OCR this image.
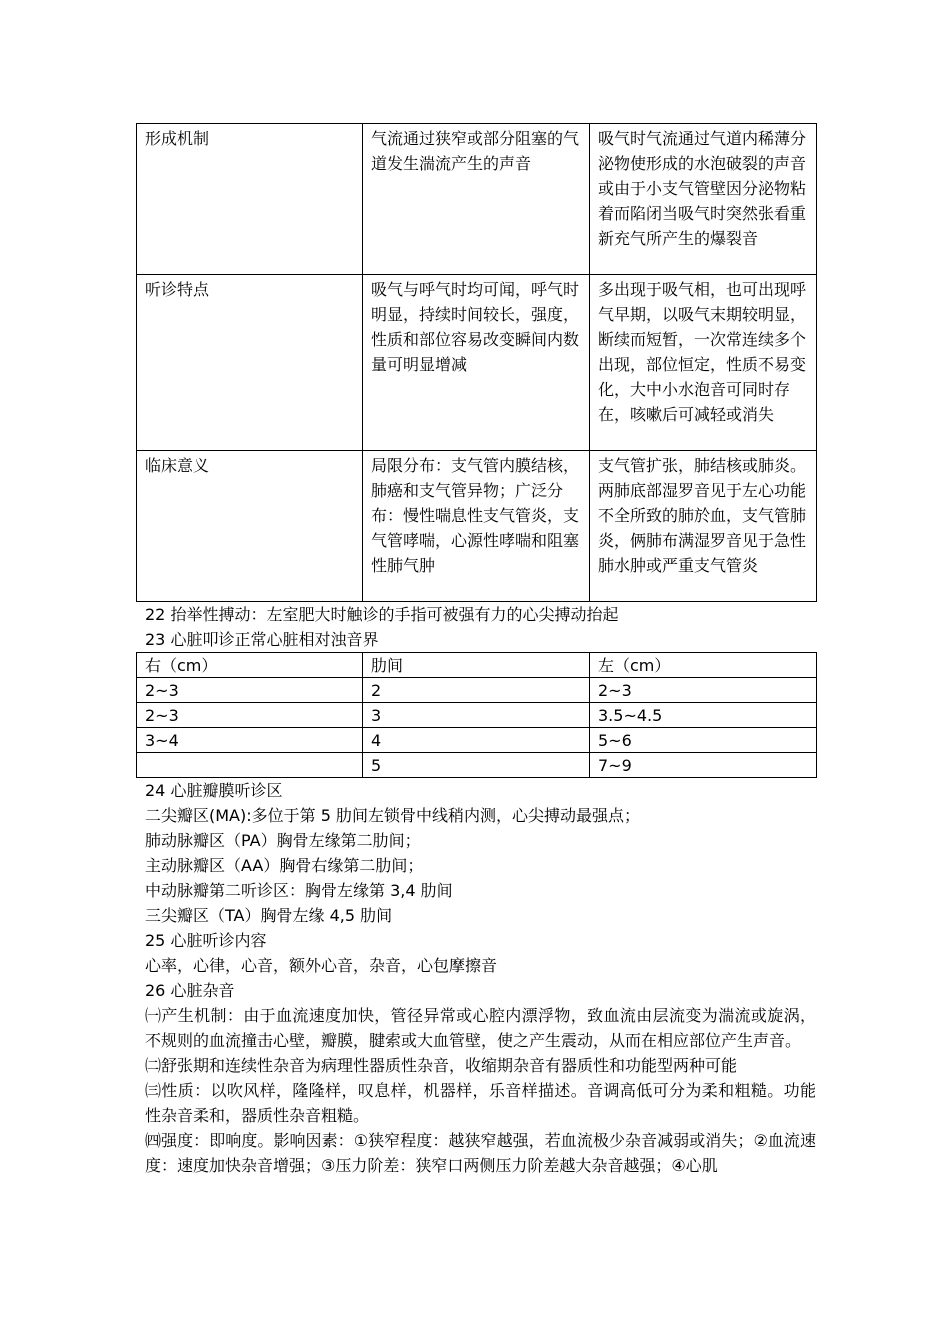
形成机制	气流通过狭窄或部分阻塞的气道发生湍流产生的声音	吸气时气流通过气道内稀薄分泌物使形成的水泡破裂的声音或由于小支气管壁因分泌物粘着而陷闭当吸气时突然张看重新充气所产生的爆裂音
听诊特点	吸气与呼气时均可闻，呼气时明显，持续时间较长，强度，性质和部位容易改变瞬间内数量可明显增减	多出现于吸气相，也可出现呼气早期，以吸气末期较明显，断续而短暂，一次常连续多个出现，部位恒定，性质不易变化，大中小水泡音可同时存在，咳嗽后可减轻或消失
临床意义	局限分布：支气管内膜结核，肺癌和支气管异物；广泛分布：慢性喘息性支气管炎，支气管哮喘，心源性哮喘和阻塞性肺气肿	支气管扩张，肺结核或肺炎。两肺底部湿罗音见于左心功能不全所致的肺於血，支气管肺炎，俩肺布满湿罗音见于急性肺水肿或严重支气管炎

22 抬举性搏动：左室肥大时触诊的手指可被强有力的心尖搏动抬起

23 心脏叩诊正常心脏相对浊音界

右（cm）	肋间	左（cm）
2~3	2	2~3
2~3	3	3.5~4.5
3~4	4	5~6
	5	7~9

24 心脏瓣膜听诊区

二尖瓣区(MA):多位于第 5 肋间左锁骨中线稍内测，心尖搏动最强点；

肺动脉瓣区（PA）胸骨左缘第二肋间；

主动脉瓣区（AA）胸骨右缘第二肋间；

中动脉瓣第二听诊区：胸骨左缘第 3,4 肋间

三尖瓣区（TA）胸骨左缘 4,5 肋间

25 心脏听诊内容

心率，心律，心音，额外心音，杂音，心包摩擦音

26 心脏杂音

㈠产生机制：由于血流速度加快，管径异常或心腔内漂浮物，致血流由层流变为湍流或旋涡，不规则的血流撞击心壁，瓣膜，腱索或大血管壁，使之产生震动，从而在相应部位产生声音。

㈡舒张期和连续性杂音为病理性器质性杂音，收缩期杂音有器质性和功能型两种可能

㈢性质：以吹风样，隆隆样，叹息样，机器样，乐音样描述。音调高低可分为柔和粗糙。功能性杂音柔和，器质性杂音粗糙。

㈣强度：即响度。影响因素：①狭窄程度：越狭窄越强，若血流极少杂音减弱或消失；②血流速度：速度加快杂音增强；③压力阶差：狭窄口两侧压力阶差越大杂音越强；④心肌
